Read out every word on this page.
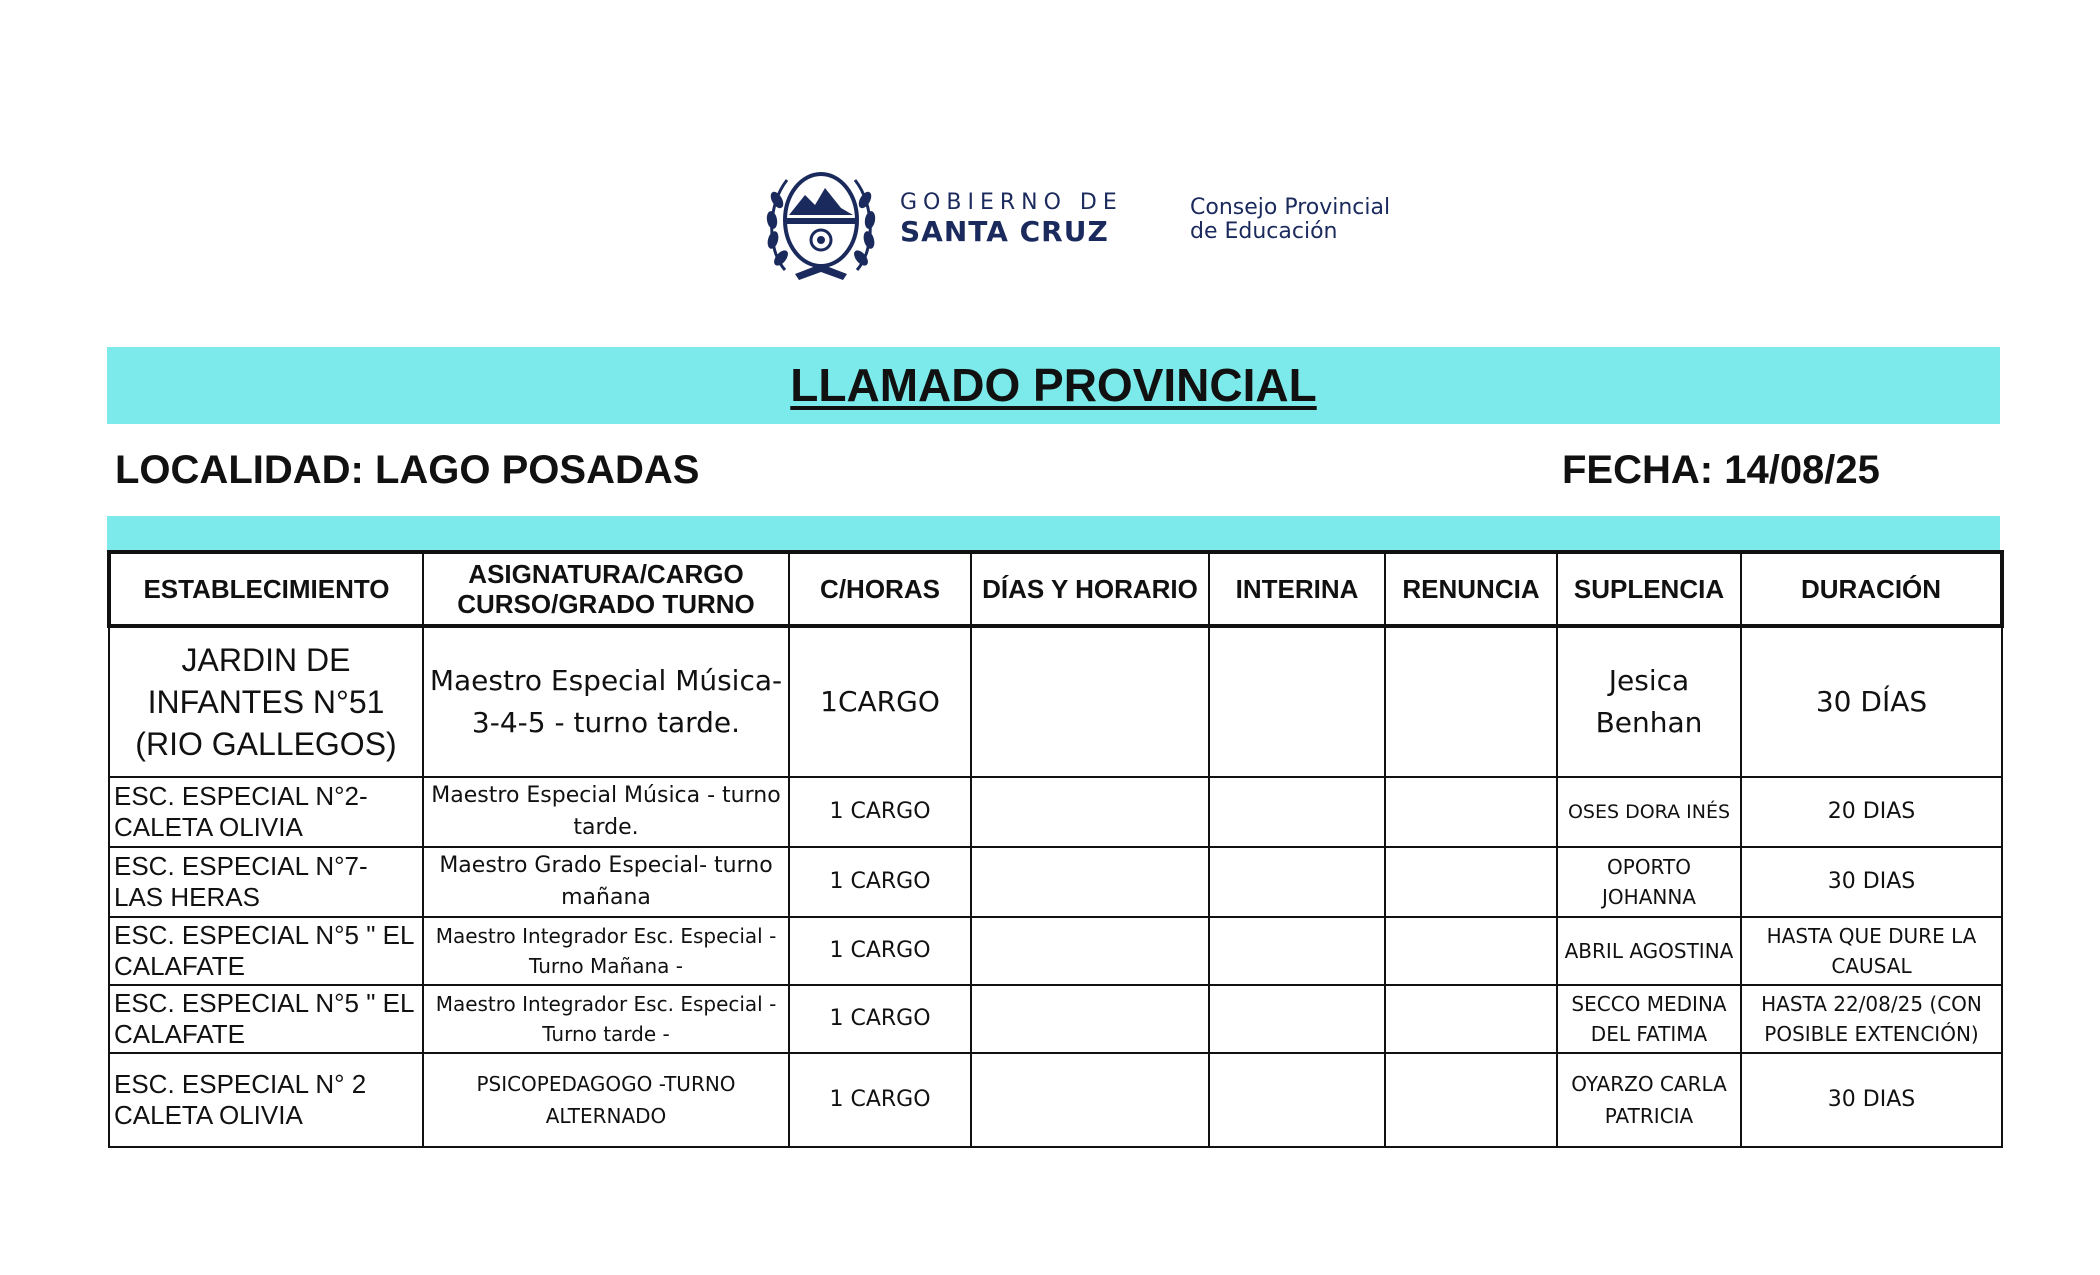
GOBIERNO DE
SANTA CRUZ
Consejo Provincial
de Educación
LLAMADO PROVINCIAL
LOCALIDAD: LAGO POSADAS	FECHA: 14/08/25
ESTABLECIMIENTO	ASIGNATURA/CARGO CURSO/GRADO TURNO	C/HORAS	DÍAS Y HORARIO	INTERINA	RENUNCIA	SUPLENCIA	DURACIÓN
JARDIN DE INFANTES N°51 (RIO GALLEGOS)	Maestro Especial Música- 3-4-5 - turno tarde.	1CARGO				Jesica Benhan	30 DÍAS
ESC. ESPECIAL N°2- CALETA OLIVIA	Maestro Especial Música - turno tarde.	1 CARGO				OSES DORA INÉS	20 DIAS
ESC. ESPECIAL N°7- LAS HERAS	Maestro Grado Especial- turno mañana	1 CARGO				OPORTO JOHANNA	30 DIAS
ESC. ESPECIAL N°5 " EL CALAFATE	Maestro Integrador Esc. Especial - Turno Mañana -	1 CARGO				ABRIL AGOSTINA	HASTA QUE DURE LA CAUSAL
ESC. ESPECIAL N°5 " EL CALAFATE	Maestro Integrador Esc. Especial - Turno tarde -	1 CARGO				SECCO MEDINA DEL FATIMA	HASTA 22/08/25 (CON POSIBLE EXTENCIÓN)
ESC. ESPECIAL N° 2 CALETA OLIVIA	PSICOPEDAGOGO -TURNO ALTERNADO	1 CARGO				OYARZO CARLA PATRICIA	30 DIAS
